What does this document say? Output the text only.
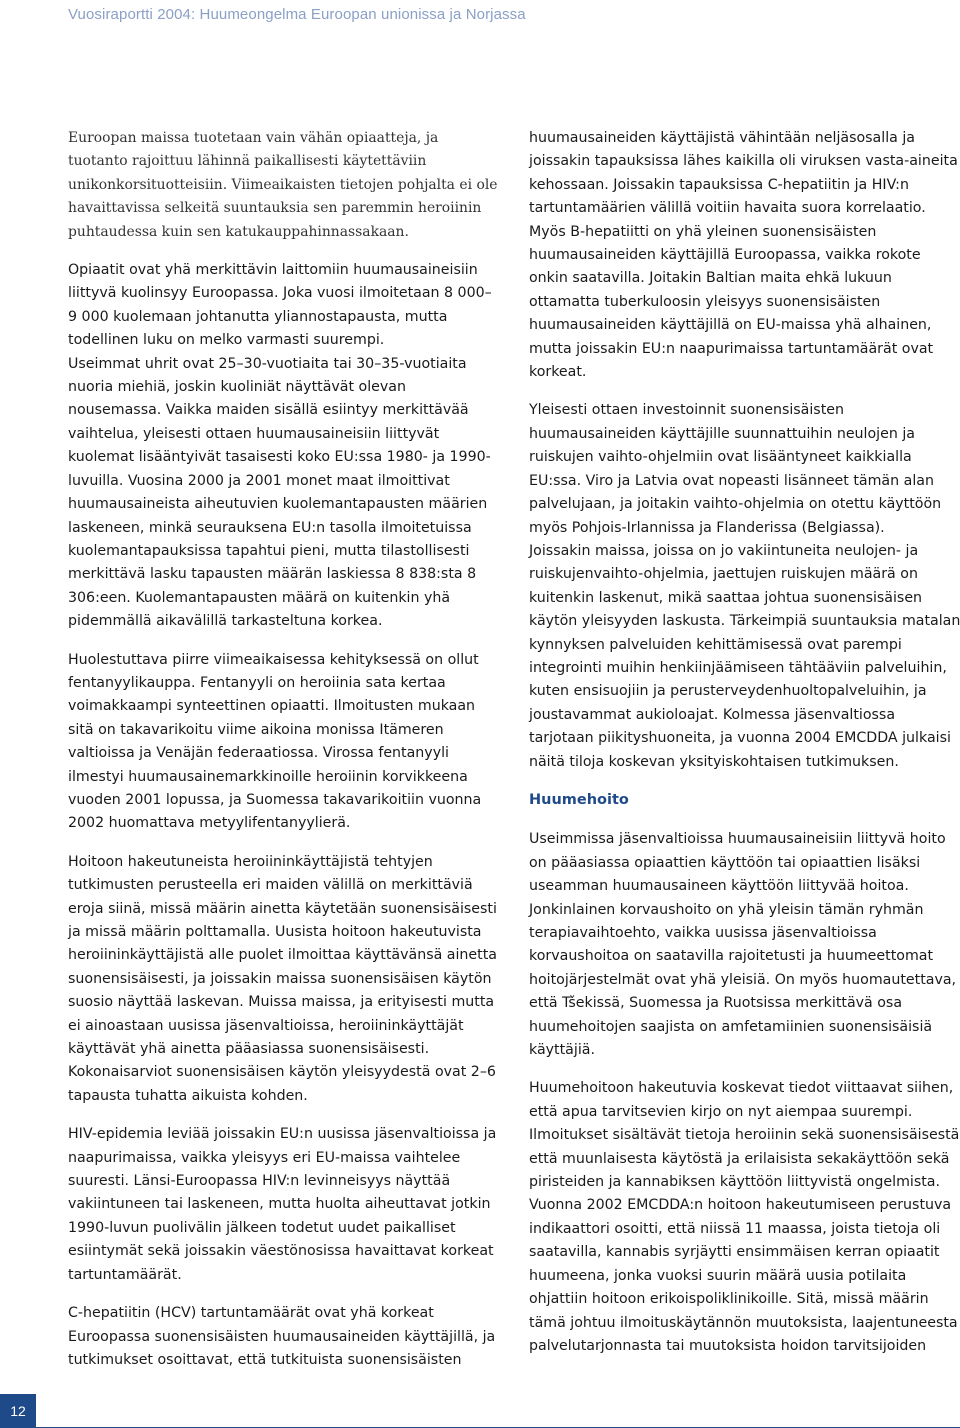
Vuosiraportti 2004: Huumeongelma Euroopan unionissa ja Norjassa

Euroopan maissa tuotetaan vain vähän opiaatteja, ja tuotanto rajoittuu lähinnä paikallisesti käytettäviin unikonkorsituotteisiin. Viimeaikaisten tietojen pohjalta ei ole havaittavissa selkeitä suuntauksia sen paremmin heroiinin puhtaudessa kuin sen katukauppahinnassakaan.

Opiaatit ovat yhä merkittävin laittomiin huumausaineisiin liittyvä kuolinsyy Euroopassa. Joka vuosi ilmoitetaan 8 000–9 000 kuolemaan johtanutta yliannostapausta, mutta todellinen luku on melko varmasti suurempi.

Useimmat uhrit ovat 25–30-vuotiaita tai 30–35-vuotiaita nuoria miehiä, joskin kuoliniät näyttävät olevan nousemassa. Vaikka maiden sisällä esiintyy merkittävää vaihtelua, yleisesti ottaen huumausaineisiin liittyvät kuolemat lisääntyivät tasaisesti koko EU:ssa 1980- ja 1990-luvuilla. Vuosina 2000 ja 2001 monet maat ilmoittivat huumausaineista aiheutuvien kuolemantapausten määrien laskeneen, minkä seurauksena EU:n tasolla ilmoitetuissa kuolemantapauksissa tapahtui pieni, mutta tilastollisesti merkittävä lasku tapausten määrän laskiessa 8 838:sta 8 306:een. Kuolemantapausten määrä on kuitenkin yhä pidemmällä aikavälillä tarkasteltuna korkea.

Huolestuttava piirre viimeaikaisessa kehityksessä on ollut fentanyylikauppa. Fentanyyli on heroiinia sata kertaa voimakkaampi synteettinen opiaatti. Ilmoitusten mukaan sitä on takavarikoitu viime aikoina monissa Itämeren valtioissa ja Venäjän federaatiossa. Virossa fentanyyli ilmestyi huumausainemarkkinoille heroiinin korvikkeena vuoden 2001 lopussa, ja Suomessa takavarikoitiin vuonna 2002 huomattava metyylifentanyylierä.

Hoitoon hakeutuneista heroiininkäyttäjistä tehtyjen tutkimusten perusteella eri maiden välillä on merkittäviä eroja siinä, missä määrin ainetta käytetään suonensisäisesti ja missä määrin polttamalla. Uusista hoitoon hakeutuvista heroiininkäyttäjistä alle puolet ilmoittaa käyttävänsä ainetta suonensisäisesti, ja joissakin maissa suonensisäisen käytön suosio näyttää laskevan. Muissa maissa, ja erityisesti mutta ei ainoastaan uusissa jäsenvaltioissa, heroiininkäyttäjät käyttävät yhä ainetta pääasiassa suonensisäisesti. Kokonaisarviot suonensisäisen käytön yleisyydestä ovat 2–6 tapausta tuhatta aikuista kohden.

HIV-epidemia leviää joissakin EU:n uusissa jäsenvaltioissa ja naapurimaissa, vaikka yleisyys eri EU-maissa vaihtelee suuresti. Länsi-Euroopassa HIV:n levinneisyys näyttää vakiintuneen tai laskeneen, mutta huolta aiheuttavat jotkin 1990-luvun puolivälin jälkeen todetut uudet paikalliset esiintymät sekä joissakin väestönosissa havaittavat korkeat tartuntamäärät.

C-hepatiitin (HCV) tartuntamäärät ovat yhä korkeat Euroopassa suonensisäisten huumausaineiden käyttäjillä, ja tutkimukset osoittavat, että tutkituista suonensisäisten

huumausaineiden käyttäjistä vähintään neljäsosalla ja joissakin tapauksissa lähes kaikilla oli viruksen vasta-aineita kehossaan. Joissakin tapauksissa C-hepatiitin ja HIV:n tartuntamäärien välillä voitiin havaita suora korrelaatio.

Myös B-hepatiitti on yhä yleinen suonensisäisten huumausaineiden käyttäjillä Euroopassa, vaikka rokote onkin saatavilla. Joitakin Baltian maita ehkä lukuun ottamatta tuberkuloosin yleisyys suonensisäisten huumausaineiden käyttäjillä on EU-maissa yhä alhainen, mutta joissakin EU:n naapurimaissa tartuntamäärät ovat korkeat.

Yleisesti ottaen investoinnit suonensisäisten huumausaineiden käyttäjille suunnattuihin neulojen ja ruiskujen vaihto-ohjelmiin ovat lisääntyneet kaikkialla EU:ssa. Viro ja Latvia ovat nopeasti lisänneet tämän alan palvelujaan, ja joitakin vaihto-ohjelmia on otettu käyttöön myös Pohjois-Irlannissa ja Flanderissa (Belgiassa).

Joissakin maissa, joissa on jo vakiintuneita neulojen- ja ruiskujenvaihto-ohjelmia, jaettujen ruiskujen määrä on kuitenkin laskenut, mikä saattaa johtua suonensisäisen käytön yleisyyden laskusta. Tärkeimpiä suuntauksia matalan kynnyksen palveluiden kehittämisessä ovat parempi integrointi muihin henkiinjäämiseen tähtääviin palveluihin, kuten ensisuojiin ja perusterveydenhuoltopalveluihin, ja joustavammat aukioloajat. Kolmessa jäsenvaltiossa tarjotaan piikityshuoneita, ja vuonna 2004 EMCDDA julkaisi näitä tiloja koskevan yksityiskohtaisen tutkimuksen.

Huumehoito

Useimmissa jäsenvaltioissa huumausaineisiin liittyvä hoito on pääasiassa opiaattien käyttöön tai opiaattien lisäksi useamman huumausaineen käyttöön liittyvää hoitoa. Jonkinlainen korvaushoito on yhä yleisin tämän ryhmän terapiavaihtoehto, vaikka uusissa jäsenvaltioissa korvaushoitoa on saatavilla rajoitetusti ja huumeettomat hoitojärjestelmät ovat yhä yleisiä. On myös huomautettava, että Tšekissä, Suomessa ja Ruotsissa merkittävä osa huumehoitojen saajista on amfetamiinien suonensisäisiä käyttäjiä.

Huumehoitoon hakeutuvia koskevat tiedot viittaavat siihen, että apua tarvitsevien kirjo on nyt aiempaa suurempi. Ilmoitukset sisältävät tietoja heroiinin sekä suonensisäisestä että muunlaisesta käytöstä ja erilaisista sekakäyttöön sekä piristeiden ja kannabiksen käyttöön liittyvistä ongelmista. Vuonna 2002 EMCDDA:n hoitoon hakeutumiseen perustuva indikaattori osoitti, että niissä 11 maassa, joista tietoja oli saatavilla, kannabis syrjäytti ensimmäisen kerran opiaatit huumeena, jonka vuoksi suurin määrä uusia potilaita ohjattiin hoitoon erikoispoliklinikoille. Sitä, missä määrin tämä johtuu ilmoituskäytännön muutoksista, laajentuneesta palvelutarjonnasta tai muutoksista hoidon tarvitsijoiden

12
